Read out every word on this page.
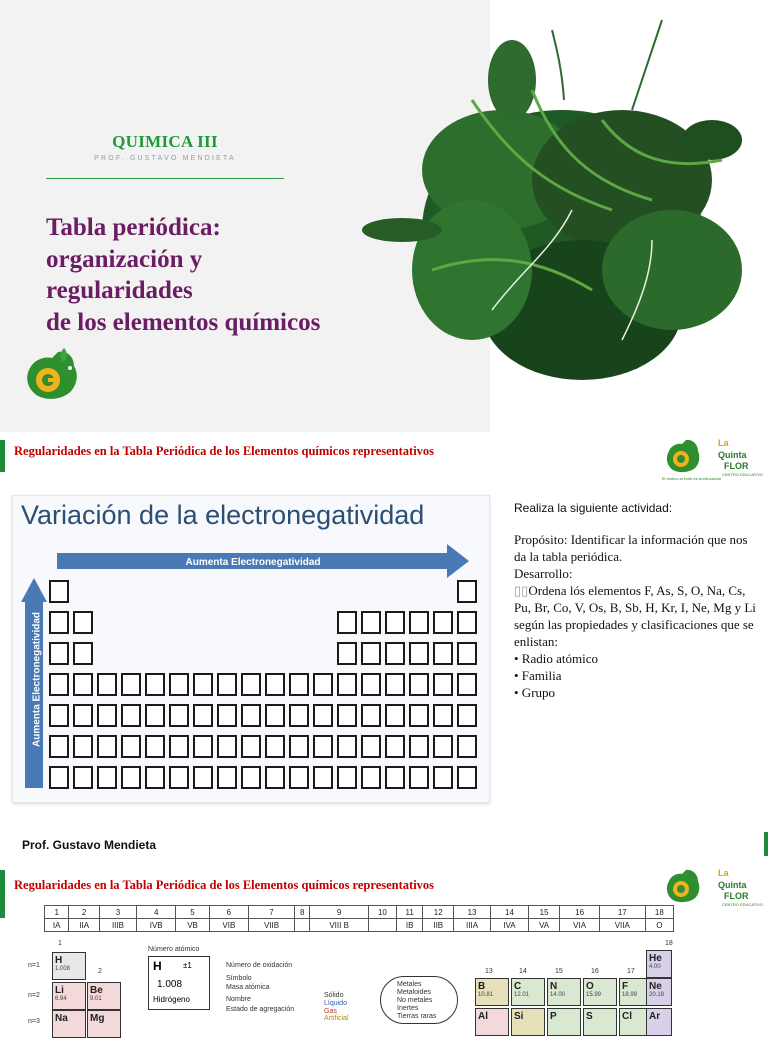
QUIMICA III
PROF. GUSTAVO MENDIETA
Tabla periódica:
organización y
regularidades
de los elementos químicos
Regularidades en la Tabla Periódica de los Elementos químicos representativos
La
Quinta
FLOR
CENTRO EDUCATIVO
El motivo al éxito es la educación
Variación de la electronegatividad
Aumenta Electronegatividad
Aumenta Electronegatividad
Realiza la siguiente actividad:
Propósito: Identificar la información que nos da la tabla periódica.
Desarrollo:
▯▯Ordena lós elementos F, As, S, O, Na, Cs, Pu, Br, Co, V, Os, B, Sb, H, Kr, I, Ne, Mg y Li según las propiedades y clasificaciones que se enlistan:
• Radio atómico
• Familia
• Grupo
Prof. Gustavo Mendieta
Regularidades en la Tabla Periódica de los Elementos químicos representativos
La
Quinta
FLOR
CENTRO EDUCATIVO
1	2	3	4	5	6	7	8	9	10	11	12	13	14	15	16	17	18
IA	IIA	IIIB	IVB	VB	VIB	VIIB		VIII B		IB	IIB	IIIA	IVA	VA	VIA	VIIA	O
1
2
18
13	14	15	16	17
n=1
n=2
n=3
H	±1
1.008
Hidrógeno
Número atómico
Número de oxidación
Símbolo
Masa atómica
Nombre
Estado de agregación
Sólido
Líquido
Gas
Artificial
Metales
Metaloides
No metales
Inertes
Tierras raras
H
1.008
Li
6.94
Be
9.01
Na Mg
He
4.00
B
10.81
C
12.01
N
14.00
O
15.99
F
18.99
Ne
20.18
Al	Si	P	S	Cl Ar
